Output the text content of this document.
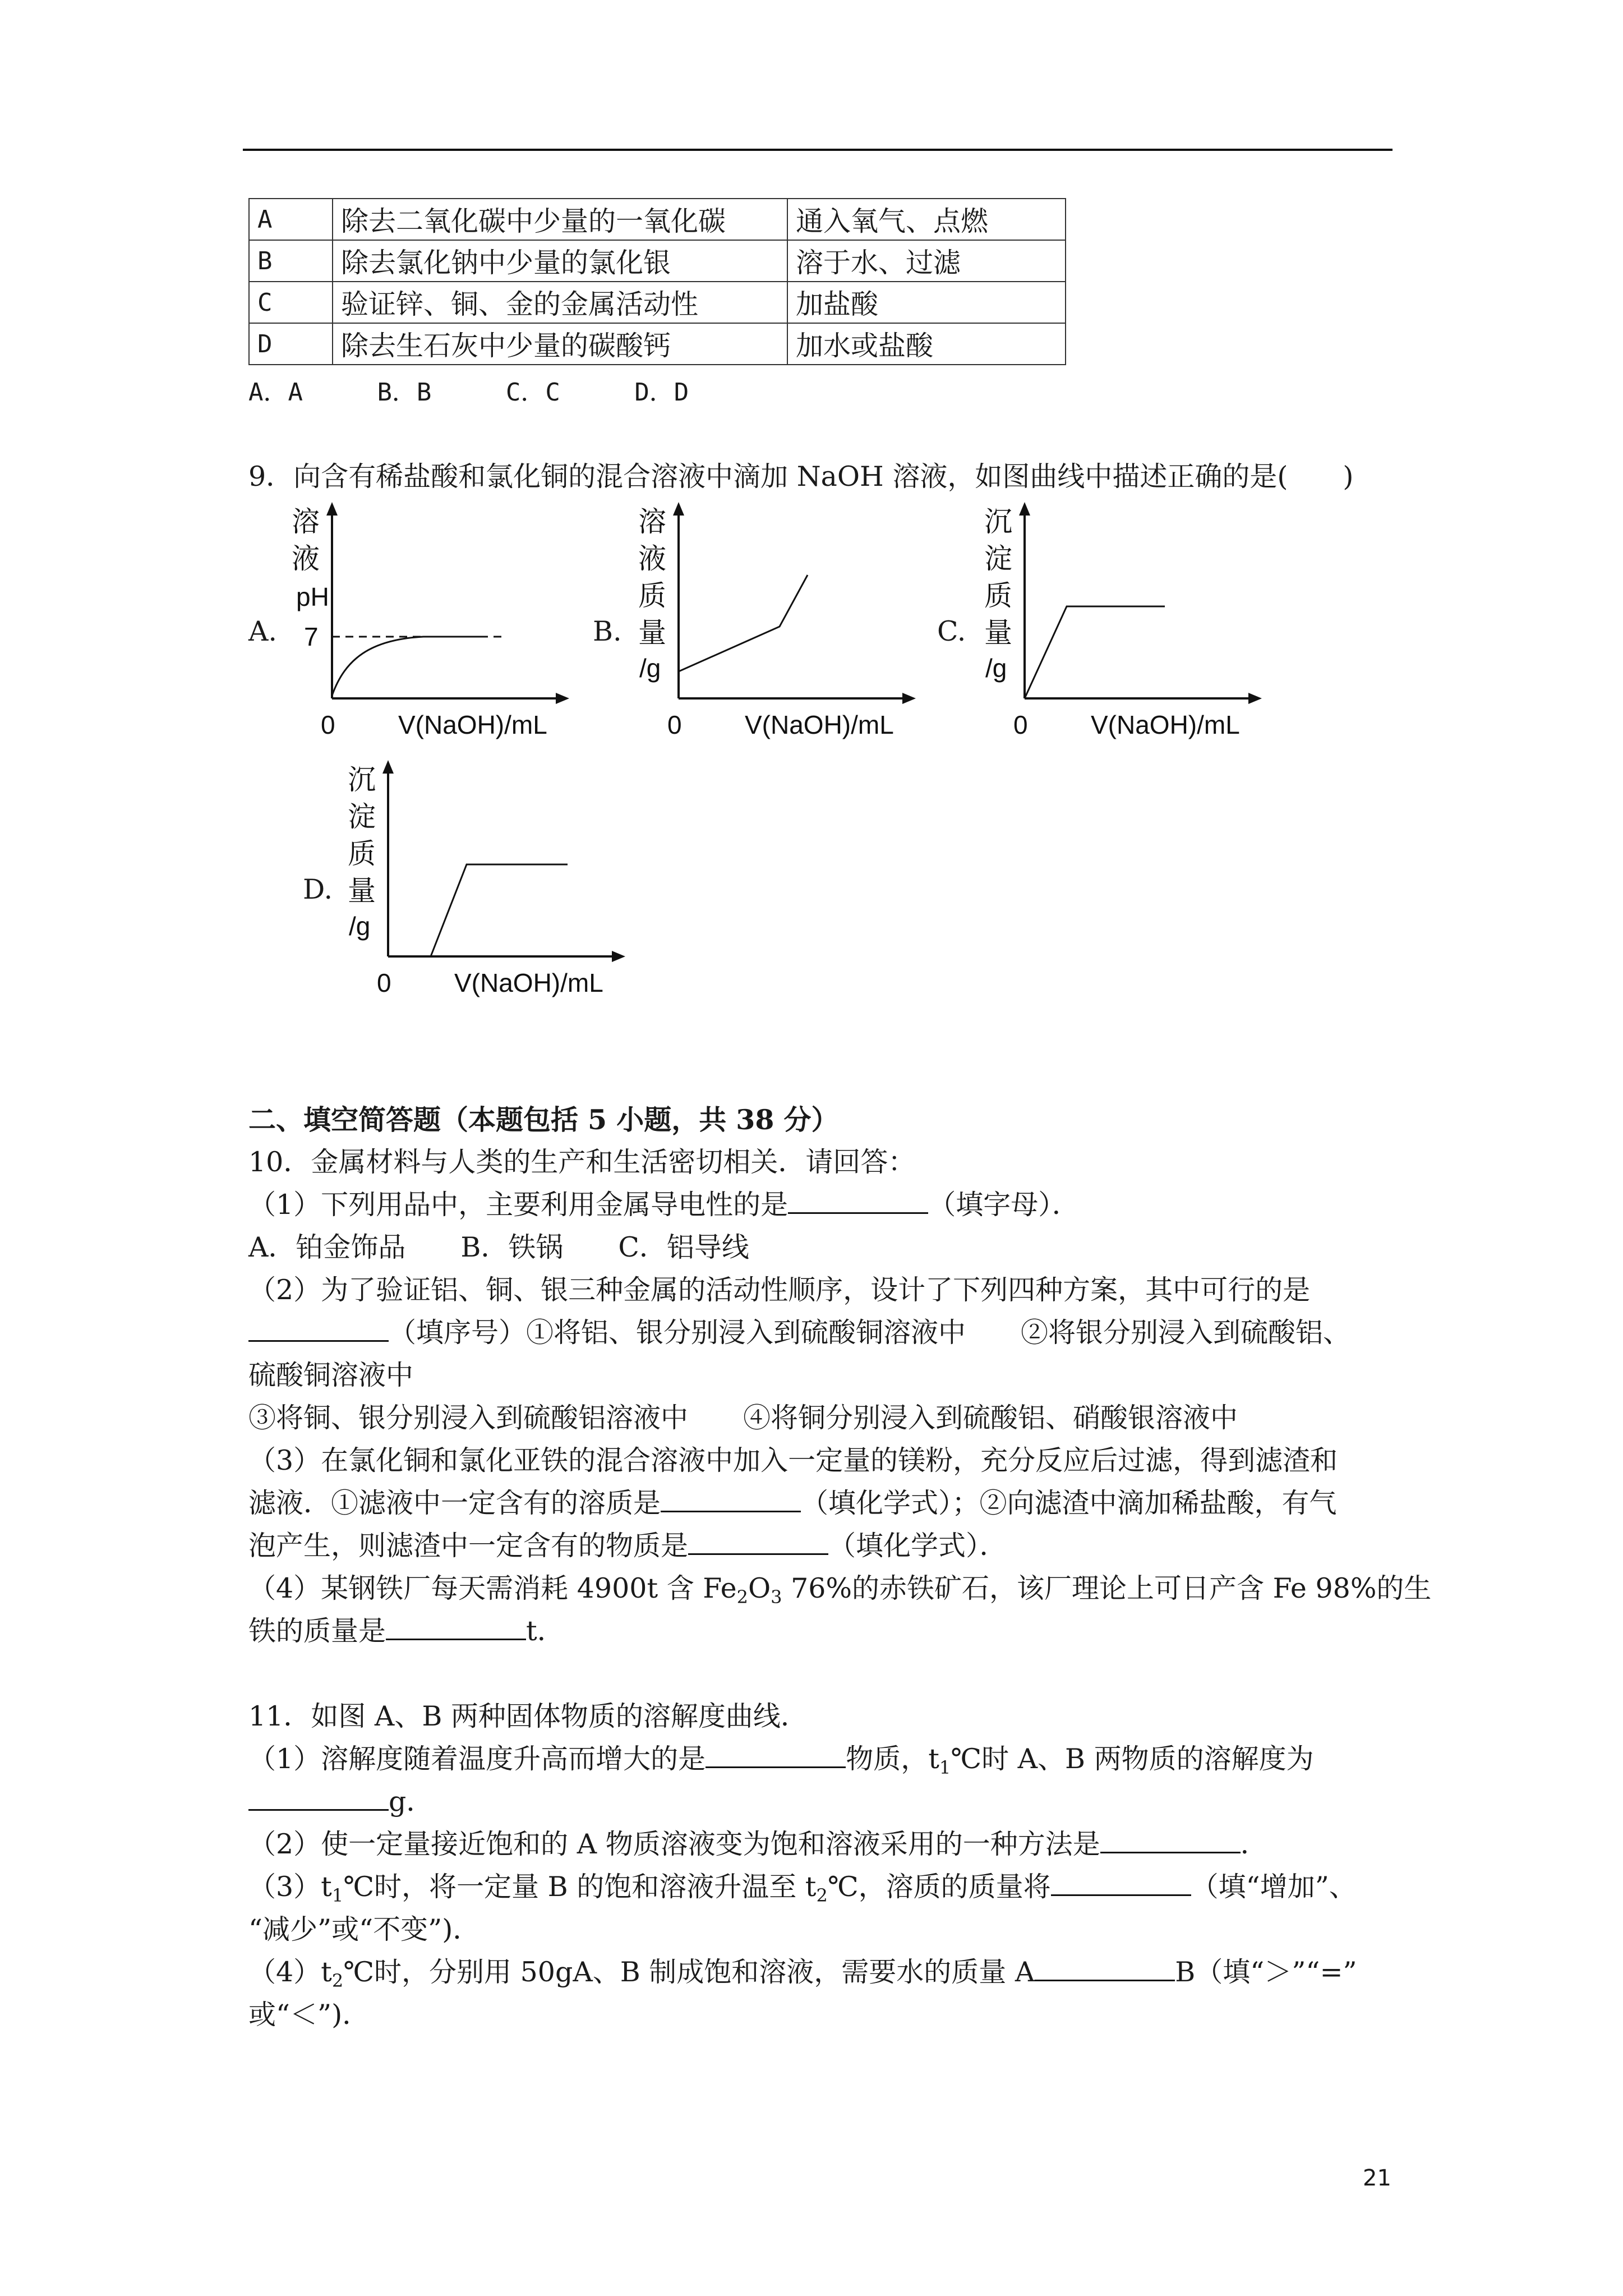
A	除去二氧化碳中少量的一氧化碳	通入氧气、点燃
B	除去氯化钠中少量的氯化银	溶于水、过滤
C	验证锌、铜、金的金属活动性	加盐酸
D	除去生石灰中少量的碳酸钙	加水或盐酸
A．A	B．B	C．C	D．D
9．向含有稀盐酸和氯化铜的混合溶液中滴加 NaOH 溶液，如图曲线中描述正确的是(　　)
A.
溶
液
pH
7
0 V(NaOH)/mL
B.
溶
液
质
量
/g
0 V(NaOH)/mL
C.
沉
淀
质
量
/g
0 V(NaOH)/mL
D.
沉
淀
质
量
/g
0 V(NaOH)/mL
二、填空简答题（本题包括 5 小题，共 38 分）
10．金属材料与人类的生产和生活密切相关．请回答：
（1）下列用品中，主要利用金属导电性的是	（填字母）．
A．铂金饰品　　B．铁锅　　C．铝导线
（2）为了验证铝、铜、银三种金属的活动性顺序，设计了下列四种方案，其中可行的是
（填序号）①将铝、银分别浸入到硫酸铜溶液中　　②将银分别浸入到硫酸铝、
硫酸铜溶液中
③将铜、银分别浸入到硫酸铝溶液中　　④将铜分别浸入到硫酸铝、硝酸银溶液中
（3）在氯化铜和氯化亚铁的混合溶液中加入一定量的镁粉，充分反应后过滤，得到滤渣和
滤液．①滤液中一定含有的溶质是	（填化学式）；②向滤渣中滴加稀盐酸，有气
泡产生，则滤渣中一定含有的物质是	（填化学式）．
（4）某钢铁厂每天需消耗 4900t 含 $Fe_2O_3$ 76%的赤铁矿石，该厂理论上可日产含 Fe 98%的生
铁的质量是	t．
11．如图 A、B 两种固体物质的溶解度曲线．
（1）溶解度随着温度升高而增大的是	物质，$t_1℃$时 A、B 两物质的溶解度为
g．
（2）使一定量接近饱和的 A 物质溶液变为饱和溶液采用的一种方法是	．
$(3)t_1℃$时，将一定量 B 的饱和溶液升温至 $t_2℃$，溶质的质量将	（填“增加”、
“减少”或“不变”)．
$(4)t_2℃$时，分别用 50gA、B 制成饱和溶液，需要水的质量 A	B（填“＞”“=”
或“＜”)．
21
